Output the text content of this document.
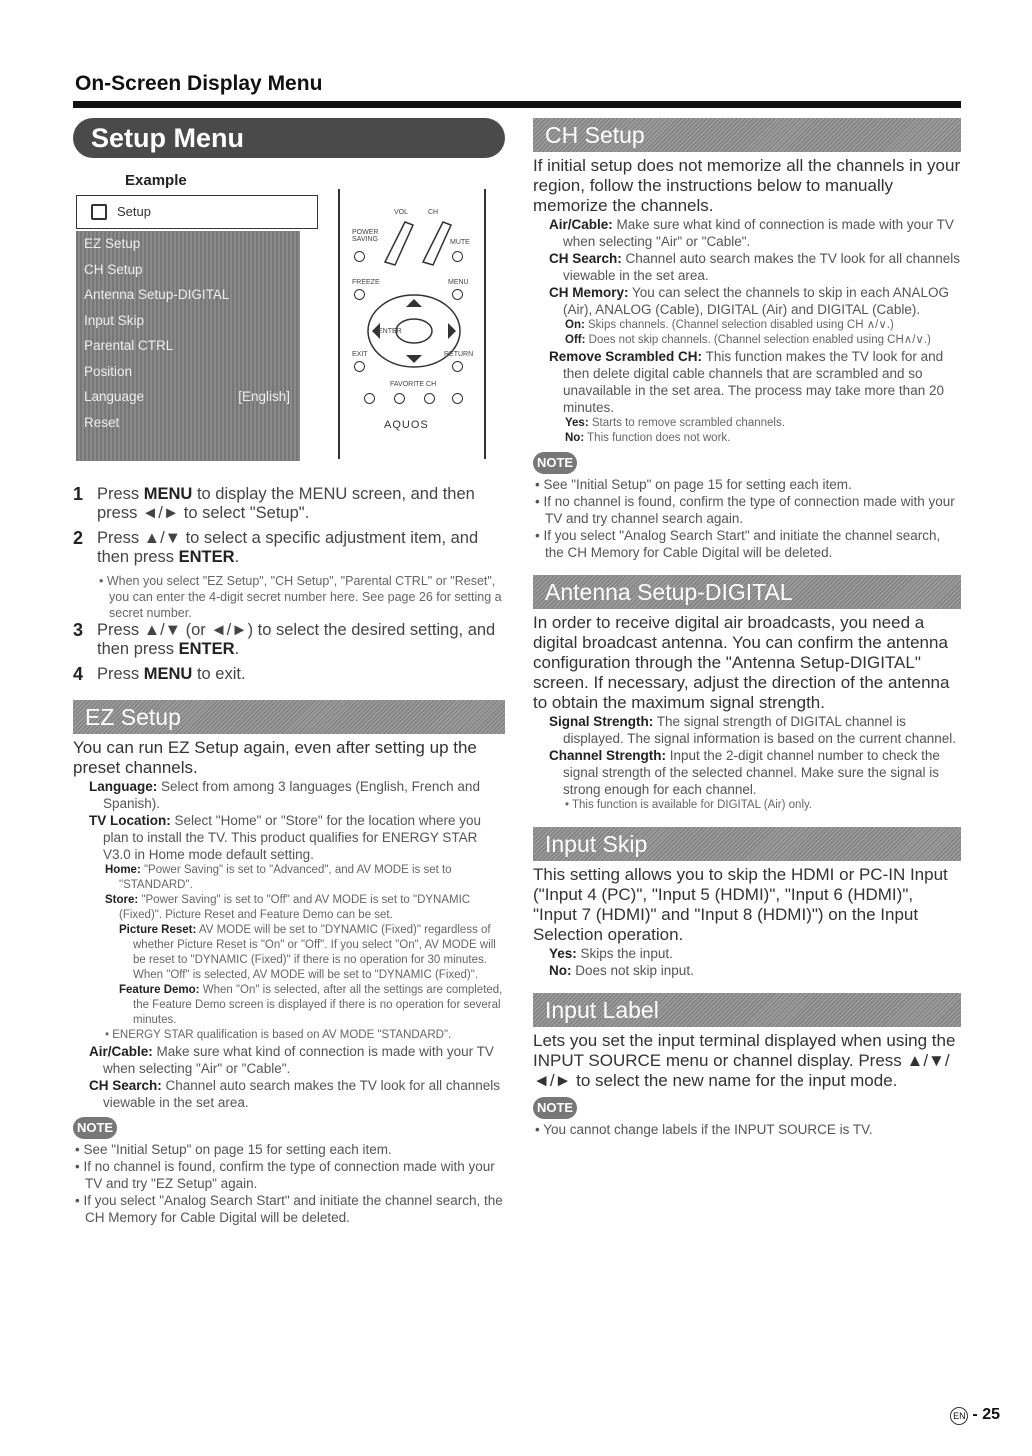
On-Screen Display Menu
Setup Menu
Example
Setup
EZ Setup
CH Setup
Antenna Setup-DIGITAL
Input Skip
Parental CTRL
Position
Language	[English]
Reset
VOL	CH
POWER SAVING	MUTE
FREEZE	MENU
ENTER
EXIT	RETURN
FAVORITE CH
AQUOS
1 Press MENU to display the MENU screen, and then press ◄/► to select "Setup".
2 Press ▲/▼ to select a specific adjustment item, and then press ENTER.
• When you select "EZ Setup", "CH Setup", "Parental CTRL" or "Reset", you can enter the 4-digit secret number here. See page 26 for setting a secret number.
3 Press ▲/▼ (or ◄/►) to select the desired setting, and then press ENTER.
4 Press MENU to exit.
EZ Setup
You can run EZ Setup again, even after setting up the preset channels.
Language: Select from among 3 languages (English, French and Spanish).
TV Location: Select "Home" or "Store" for the location where you plan to install the TV. This product qualifies for ENERGY STAR V3.0 in Home mode default setting.
Home: "Power Saving" is set to "Advanced", and AV MODE is set to "STANDARD".
Store: "Power Saving" is set to "Off" and AV MODE is set to "DYNAMIC (Fixed)". Picture Reset and Feature Demo can be set.
Picture Reset: AV MODE will be set to "DYNAMIC (Fixed)" regardless of whether Picture Reset is "On" or "Off". If you select "On", AV MODE will be reset to "DYNAMIC (Fixed)" if there is no operation for 30 minutes. When "Off" is selected, AV MODE will be set to "DYNAMIC (Fixed)".
Feature Demo: When "On" is selected, after all the settings are completed, the Feature Demo screen is displayed if there is no operation for several minutes.
• ENERGY STAR qualification is based on AV MODE "STANDARD".
Air/Cable: Make sure what kind of connection is made with your TV when selecting "Air" or "Cable".
CH Search: Channel auto search makes the TV look for all channels viewable in the set area.
NOTE
• See "Initial Setup" on page 15 for setting each item.
• If no channel is found, confirm the type of connection made with your TV and try "EZ Setup" again.
• If you select "Analog Search Start" and initiate the channel search, the CH Memory for Cable Digital will be deleted.
CH Setup
If initial setup does not memorize all the channels in your region, follow the instructions below to manually memorize the channels.
Air/Cable: Make sure what kind of connection is made with your TV when selecting "Air" or "Cable".
CH Search: Channel auto search makes the TV look for all channels viewable in the set area.
CH Memory: You can select the channels to skip in each ANALOG (Air), ANALOG (Cable), DIGITAL (Air) and DIGITAL (Cable).
On: Skips channels. (Channel selection disabled using CH ∧/∨.)
Off: Does not skip channels. (Channel selection enabled using CH∧/∨.)
Remove Scrambled CH: This function makes the TV look for and then delete digital cable channels that are scrambled and so unavailable in the set area. The process may take more than 20 minutes.
Yes: Starts to remove scrambled channels.
No: This function does not work.
NOTE
• See "Initial Setup" on page 15 for setting each item.
• If no channel is found, confirm the type of connection made with your TV and try channel search again.
• If you select "Analog Search Start" and initiate the channel search, the CH Memory for Cable Digital will be deleted.
Antenna Setup-DIGITAL
In order to receive digital air broadcasts, you need a digital broadcast antenna. You can confirm the antenna configuration through the "Antenna Setup-DIGITAL" screen. If necessary, adjust the direction of the antenna to obtain the maximum signal strength.
Signal Strength: The signal strength of DIGITAL channel is displayed. The signal information is based on the current channel.
Channel Strength: Input the 2-digit channel number to check the signal strength of the selected channel. Make sure the signal is strong enough for each channel.
• This function is available for DIGITAL (Air) only.
Input Skip
This setting allows you to skip the HDMI or PC-IN Input ("Input 4 (PC)", "Input 5 (HDMI)", "Input 6 (HDMI)", "Input 7 (HDMI)" and "Input 8 (HDMI)") on the Input Selection operation.
Yes: Skips the input.
No: Does not skip input.
Input Label
Lets you set the input terminal displayed when using the INPUT SOURCE menu or channel display. Press ▲/▼/◄/► to select the new name for the input mode.
NOTE
• You cannot change labels if the INPUT SOURCE is TV.
EN - 25
